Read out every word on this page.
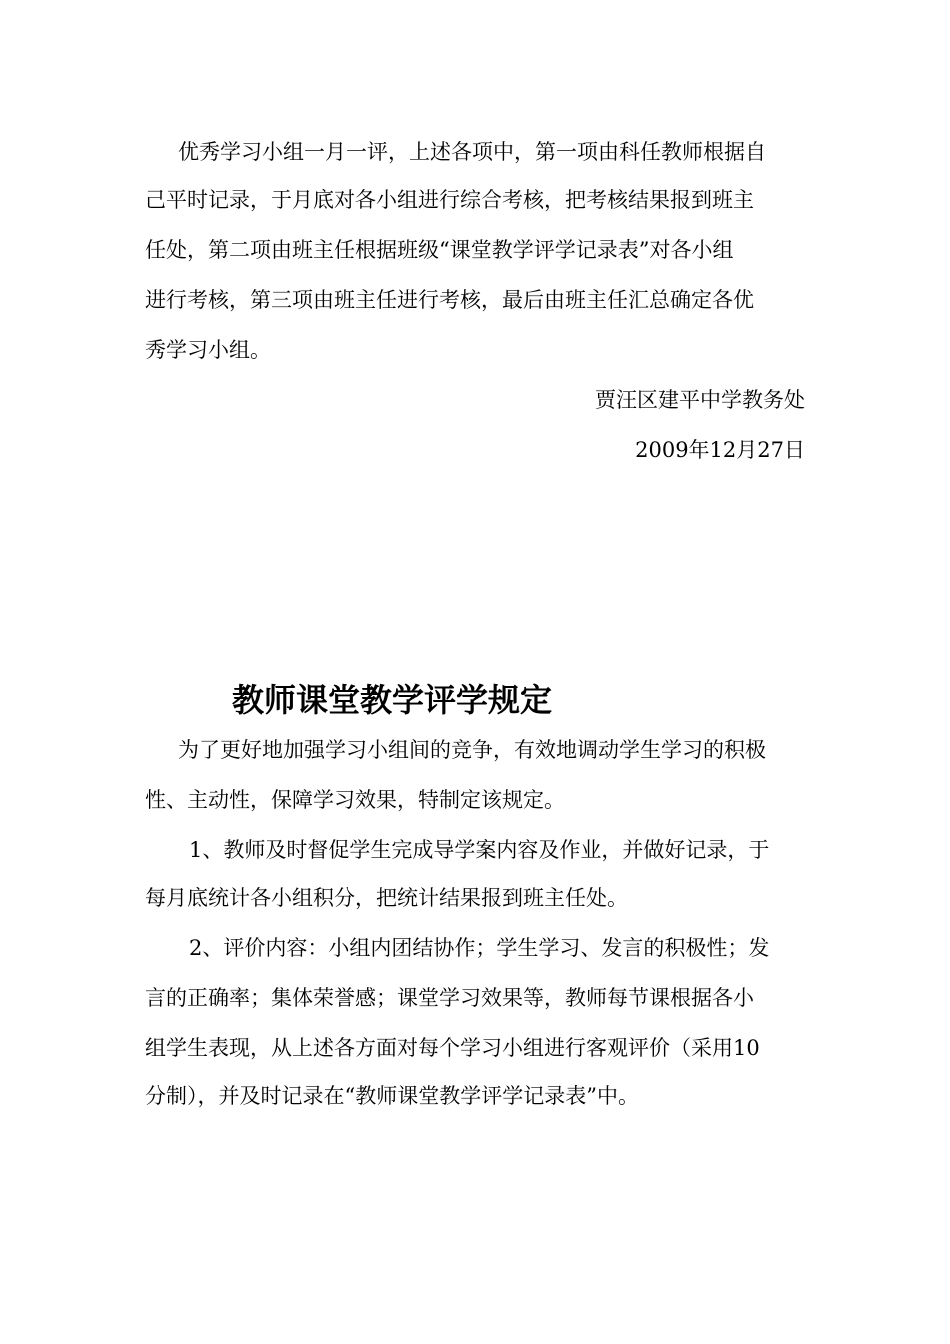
优秀学习小组一月一评，上述各项中，第一项由科任教师根据自
己平时记录，于月底对各小组进行综合考核，把考核结果报到班主
任处，第二项由班主任根据班级“课堂教学评学记录表”对各小组
进行考核，第三项由班主任进行考核，最后由班主任汇总确定各优
秀学习小组。
贾汪区建平中学教务处
2009年12月27日
教师课堂教学评学规定
为了更好地加强学习小组间的竞争，有效地调动学生学习的积极
性、主动性，保障学习效果，特制定该规定。
1、教师及时督促学生完成导学案内容及作业，并做好记录，于
每月底统计各小组积分，把统计结果报到班主任处。
2、评价内容：小组内团结协作；学生学习、发言的积极性；发
言的正确率；集体荣誉感；课堂学习效果等，教师每节课根据各小
组学生表现，从上述各方面对每个学习小组进行客观评价（采用10
分制），并及时记录在“教师课堂教学评学记录表”中。
